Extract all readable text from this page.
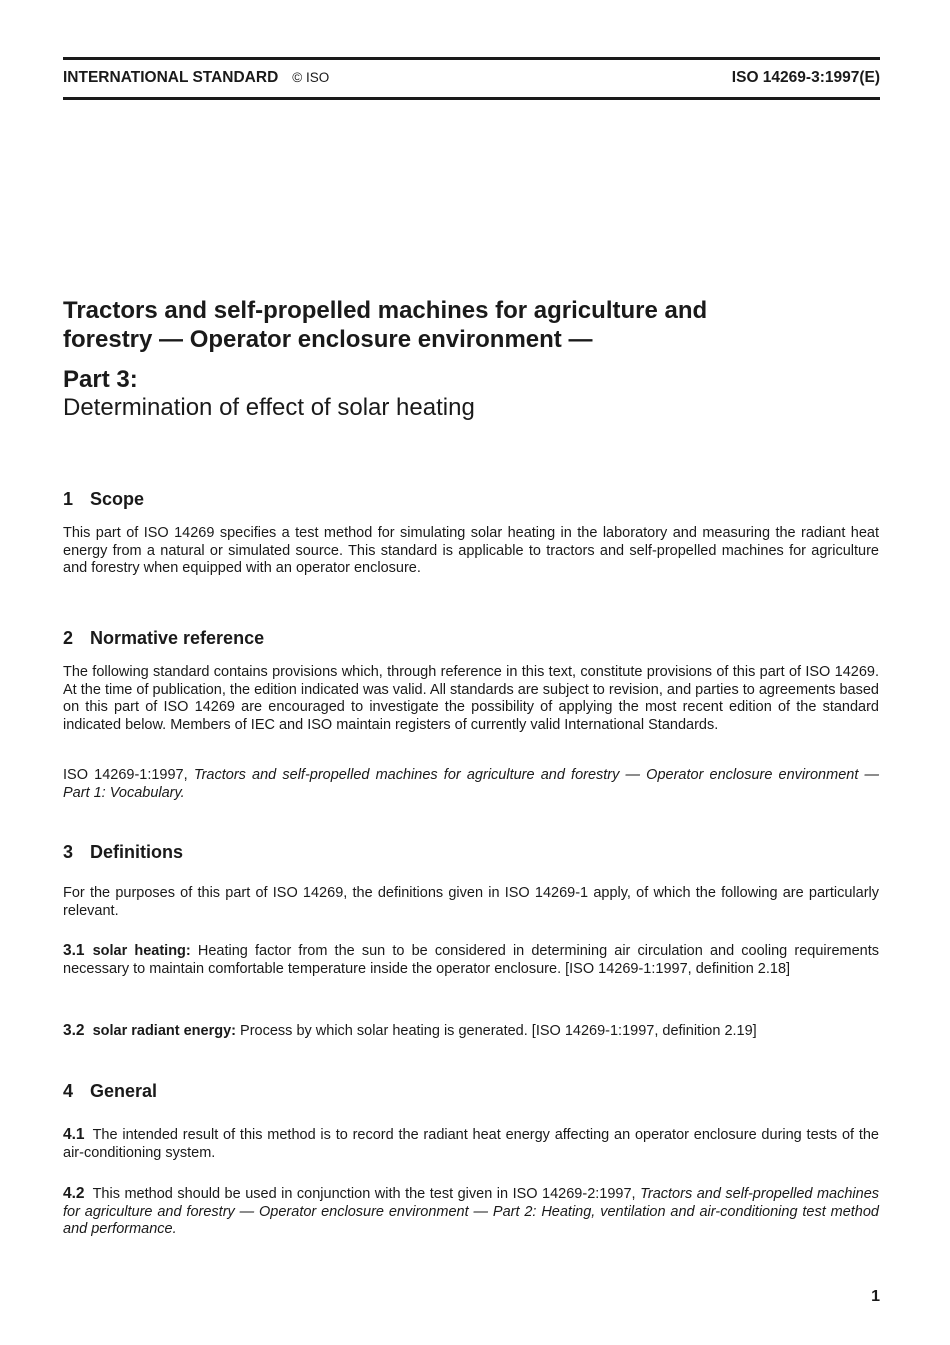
INTERNATIONAL STANDARD © ISO	ISO 14269-3:1997(E)
Tractors and self-propelled machines for agriculture and
forestry — Operator enclosure environment —
Part 3:
Determination of effect of solar heating
1 Scope
This part of ISO 14269 specifies a test method for simulating solar heating in the laboratory and measuring the radiant heat energy from a natural or simulated source. This standard is applicable to tractors and self-propelled machines for agriculture and forestry when equipped with an operator enclosure.
2 Normative reference
The following standard contains provisions which, through reference in this text, constitute provisions of this part of ISO 14269. At the time of publication, the edition indicated was valid. All standards are subject to revision, and parties to agreements based on this part of ISO 14269 are encouraged to investigate the possibility of applying the most recent edition of the standard indicated below. Members of IEC and ISO maintain registers of currently valid International Standards.
ISO 14269-1:1997, Tractors and self-propelled machines for agriculture and forestry — Operator enclosure environment — Part 1: Vocabulary.
3 Definitions
For the purposes of this part of ISO 14269, the definitions given in ISO 14269-1 apply, of which the following are particularly relevant.
3.1 solar heating: Heating factor from the sun to be considered in determining air circulation and cooling requirements necessary to maintain comfortable temperature inside the operator enclosure. [ISO 14269-1:1997, definition 2.18]
3.2 solar radiant energy: Process by which solar heating is generated. [ISO 14269-1:1997, definition 2.19]
4 General
4.1 The intended result of this method is to record the radiant heat energy affecting an operator enclosure during tests of the air-conditioning system.
4.2 This method should be used in conjunction with the test given in ISO 14269-2:1997, Tractors and self-propelled machines for agriculture and forestry — Operator enclosure environment — Part 2: Heating, ventilation and air-conditioning test method and performance.
1
